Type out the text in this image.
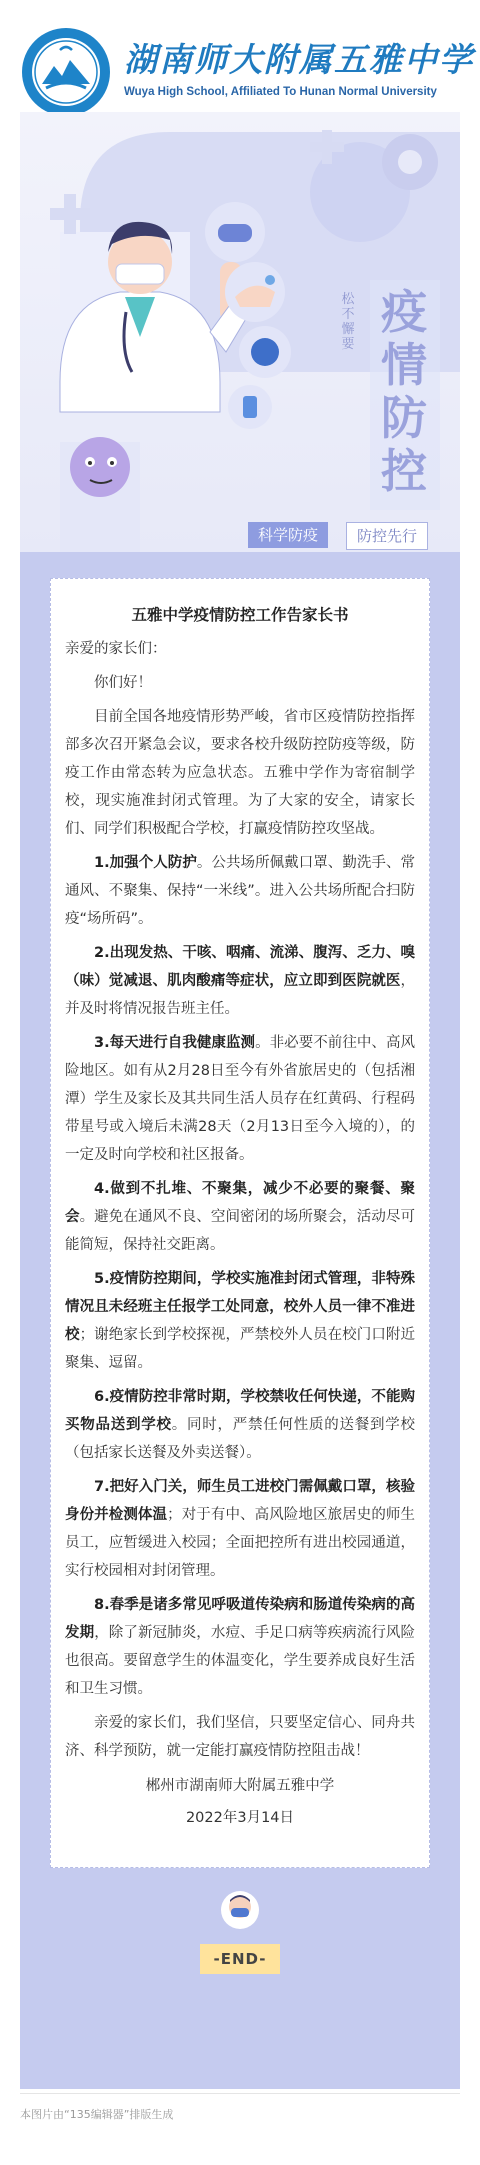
湖南师大附属五雅中学
Wuya High School, Affiliated To Hunan Normal University
松不懈要
疫情防控
科学防疫	防控先行
五雅中学疫情防控工作告家长书

亲爱的家长们：

你们好！

目前全国各地疫情形势严峻，省市区疫情防控指挥部多次召开紧急会议，要求各校升级防控防疫等级，防疫工作由常态转为应急状态。五雅中学作为寄宿制学校，现实施准封闭式管理。为了大家的安全，请家长们、同学们积极配合学校，打赢疫情防控攻坚战。

1.加强个人防护。公共场所佩戴口罩、勤洗手、常通风、不聚集、保持“一米线”。进入公共场所配合扫防疫“场所码”。

2.出现发热、干咳、咽痛、流涕、腹泻、乏力、嗅（味）觉减退、肌肉酸痛等症状，应立即到医院就医，并及时将情况报告班主任。

3.每天进行自我健康监测。非必要不前往中、高风险地区。如有从2月28日至今有外省旅居史的（包括湘潭）学生及家长及其共同生活人员存在红黄码、行程码带星号或入境后未满28天（2月13日至今入境的），的一定及时向学校和社区报备。

4.做到不扎堆、不聚集，减少不必要的聚餐、聚会。避免在通风不良、空间密闭的场所聚会，活动尽可能简短，保持社交距离。

5.疫情防控期间，学校实施准封闭式管理，非特殊情况且未经班主任报学工处同意，校外人员一律不准进校；谢绝家长到学校探视，严禁校外人员在校门口附近聚集、逗留。

6.疫情防控非常时期，学校禁收任何快递，不能购买物品送到学校。同时，严禁任何性质的送餐到学校（包括家长送餐及外卖送餐）。

7.把好入门关，师生员工进校门需佩戴口罩，核验身份并检测体温；对于有中、高风险地区旅居史的师生员工，应暂缓进入校园；全面把控所有进出校园通道，实行校园相对封闭管理。

8.春季是诸多常见呼吸道传染病和肠道传染病的高发期，除了新冠肺炎，水痘、手足口病等疾病流行风险也很高。要留意学生的体温变化，学生要养成良好生活和卫生习惯。

亲爱的家长们，我们坚信，只要坚定信心、同舟共济、科学预防，就一定能打赢疫情防控阻击战！

郴州市湖南师大附属五雅中学
2022年3月14日
-END-
本图片由“135编辑器”排版生成
